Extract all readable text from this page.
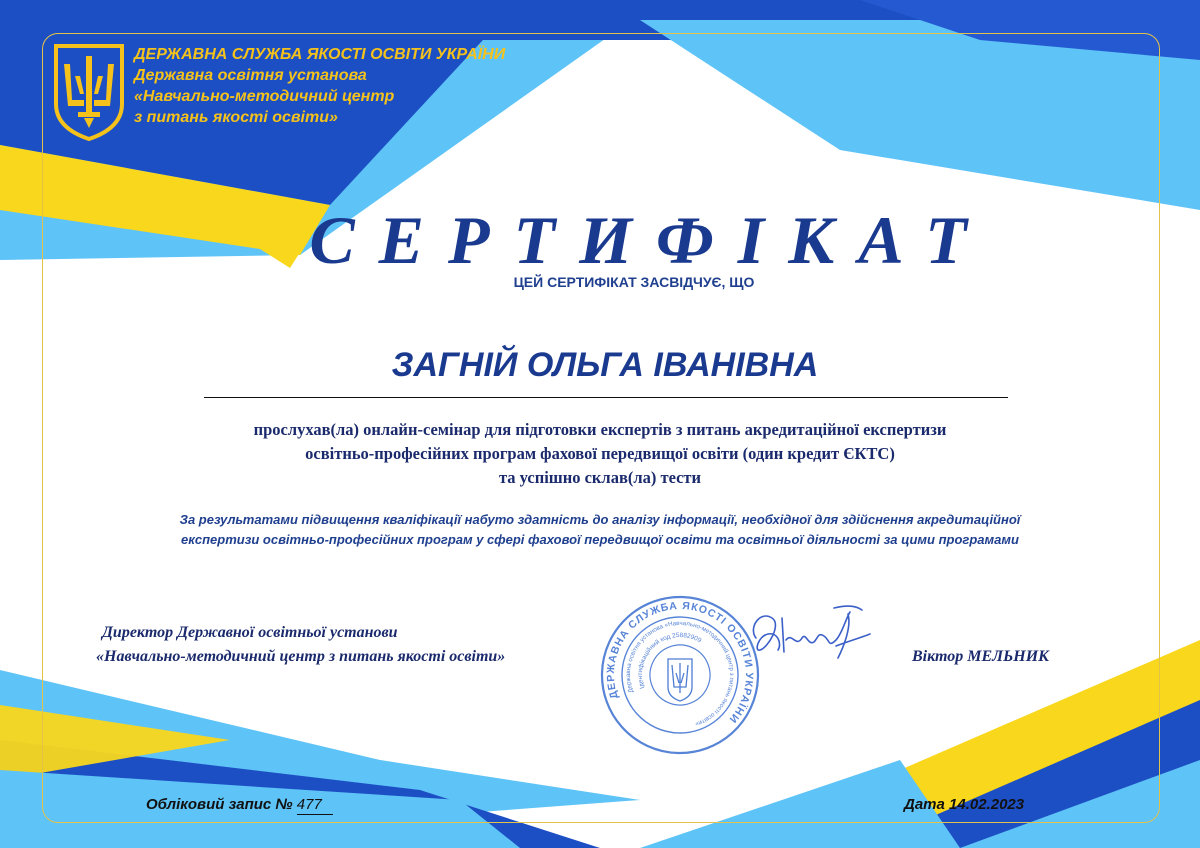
ДЕРЖАВНА СЛУЖБА ЯКОСТІ ОСВІТИ УКРАЇНИ
Державна освітня установа
«Навчально-методичний центр
з питань якості освіти»
СЕРТИФІКАТ
ЦЕЙ СЕРТИФІКАТ ЗАСВІДЧУЄ, ЩО
ЗАГНІЙ ОЛЬГА ІВАНІВНА
прослухав(ла) онлайн-семінар для підготовки експертів з питань акредитаційної експертизи
освітньо-професійних програм фахової передвищої освіти (один кредит ЄКТС)
та успішно склав(ла) тести
За результатами підвищення кваліфікації набуто здатність до аналізу інформації, необхідної для здійснення акредитаційної
експертизи освітньо-професійних програм у сфері фахової передвищої освіти та освітньої діяльності за цими програмами
Директор Державної освітньої установи
«Навчально-методичний центр з питань якості освіти»
ДЕРЖАВНА СЛУЖБА ЯКОСТІ ОСВІТИ УКРАЇНИ
Державна освітня установа «Навчально-методичний центр з питань якості освіти»
Ідентифікаційний код 25882909
Віктор МЕЛЬНИК
Обліковий запис № 477	Дата 14.02.2023
